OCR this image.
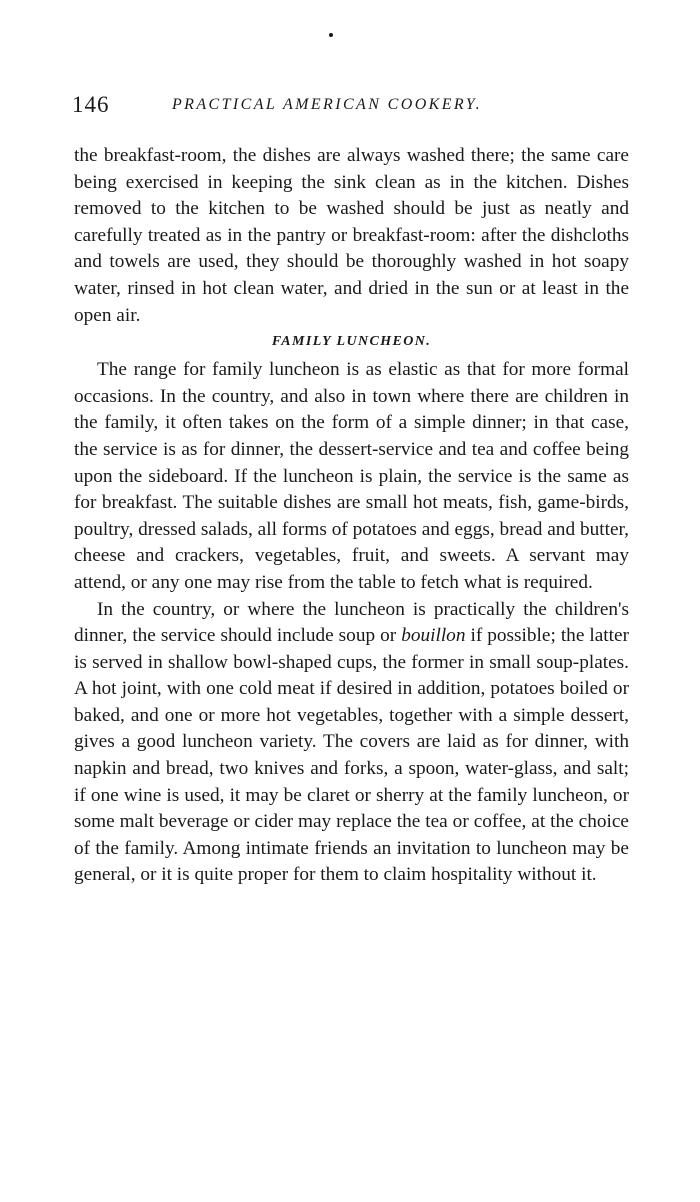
146	PRACTICAL AMERICAN COOKERY.

the breakfast-room, the dishes are always washed there; the same care being exercised in keeping the sink clean as in the kitchen. Dishes removed to the kitchen to be washed should be just as neatly and carefully treated as in the pantry or breakfast-room: after the dishcloths and towels are used, they should be thoroughly washed in hot soapy water, rinsed in hot clean water, and dried in the sun or at least in the open air.

FAMILY LUNCHEON.

The range for family luncheon is as elastic as that for more formal occasions. In the country, and also in town where there are children in the family, it often takes on the form of a simple dinner; in that case, the service is as for dinner, the dessert-service and tea and coffee being upon the sideboard. If the luncheon is plain, the service is the same as for breakfast. The suitable dishes are small hot meats, fish, game-birds, poultry, dressed salads, all forms of potatoes and eggs, bread and butter, cheese and crackers, vegetables, fruit, and sweets. A servant may attend, or any one may rise from the table to fetch what is required.

In the country, or where the luncheon is practically the children's dinner, the service should include soup or bouillon if possible; the latter is served in shallow bowl-shaped cups, the former in small soup-plates. A hot joint, with one cold meat if desired in addition, potatoes boiled or baked, and one or more hot vegetables, together with a simple dessert, gives a good luncheon variety. The covers are laid as for dinner, with napkin and bread, two knives and forks, a spoon, water-glass, and salt; if one wine is used, it may be claret or sherry at the family luncheon, or some malt beverage or cider may replace the tea or coffee, at the choice of the family. Among intimate friends an invitation to luncheon may be general, or it is quite proper for them to claim hospitality without it.
